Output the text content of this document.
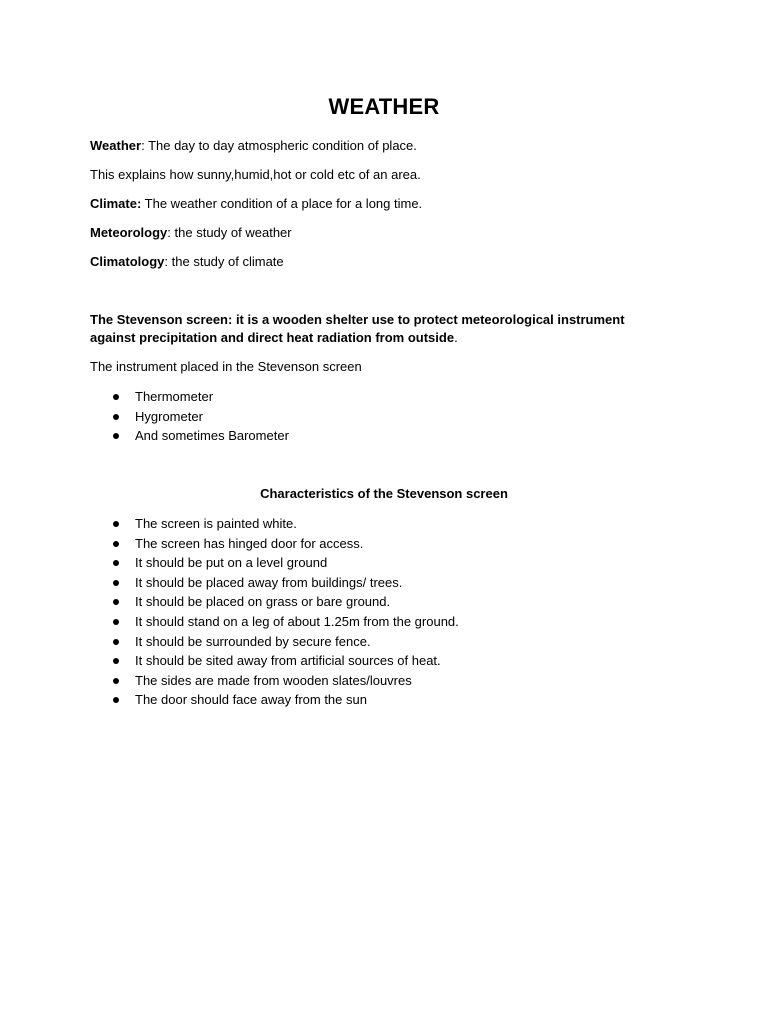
WEATHER

Weather: The day to day atmospheric condition of place.

This explains how sunny,humid,hot or cold etc of an area.

Climate: The weather condition of a place for a long time.

Meteorology: the study of weather

Climatology: the study of climate

The Stevenson screen: it is a wooden shelter use to protect meteorological instrument against precipitation and direct heat radiation from outside.

The instrument placed in the Stevenson screen

Thermometer
Hygrometer
And sometimes Barometer

Characteristics of the Stevenson screen

The screen is painted white.
The screen has hinged door for access.
It should be put on a level ground
It should be placed away from buildings/ trees.
It should be placed on grass or bare ground.
It should stand on a leg of about 1.25m from the ground.
It should be surrounded by secure fence.
It should be sited away from artificial sources of heat.
The sides are made from wooden slates/louvres
The door should face away from the sun
